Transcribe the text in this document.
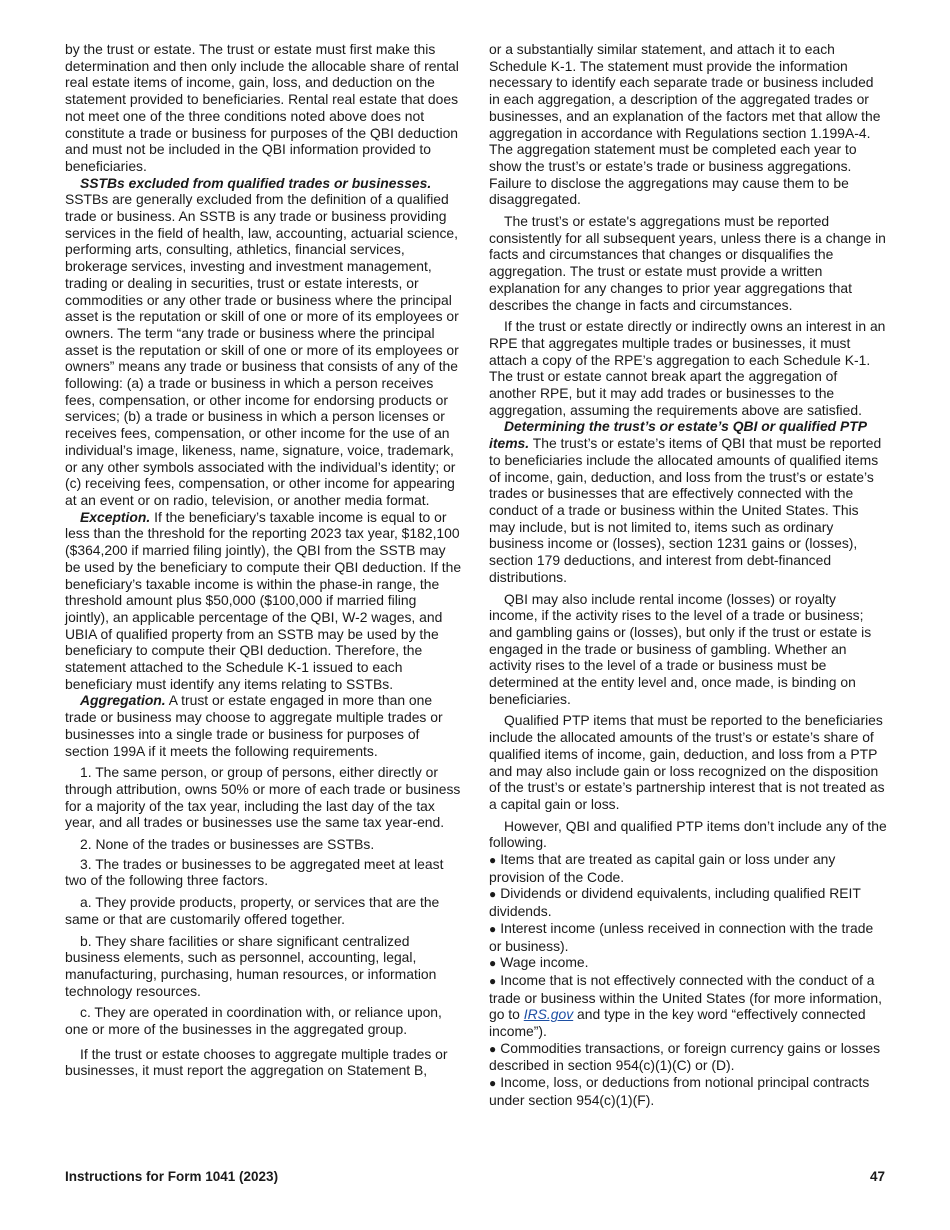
by the trust or estate. The trust or estate must first make this determination and then only include the allocable share of rental real estate items of income, gain, loss, and deduction on the statement provided to beneficiaries. Rental real estate that does not meet one of the three conditions noted above does not constitute a trade or business for purposes of the QBI deduction and must not be included in the QBI information provided to beneficiaries.

SSTBs excluded from qualified trades or businesses. SSTBs are generally excluded from the definition of a qualified trade or business. An SSTB is any trade or business providing services in the field of health, law, accounting, actuarial science, performing arts, consulting, athletics, financial services, brokerage services, investing and investment management, trading or dealing in securities, trust or estate interests, or commodities or any other trade or business where the principal asset is the reputation or skill of one or more of its employees or owners. The term “any trade or business where the principal asset is the reputation or skill of one or more of its employees or owners” means any trade or business that consists of any of the following: (a) a trade or business in which a person receives fees, compensation, or other income for endorsing products or services; (b) a trade or business in which a person licenses or receives fees, compensation, or other income for the use of an individual’s image, likeness, name, signature, voice, trademark, or any other symbols associated with the individual’s identity; or (c) receiving fees, compensation, or other income for appearing at an event or on radio, television, or another media format.

Exception. If the beneficiary’s taxable income is equal to or less than the threshold for the reporting 2023 tax year, $182,100 ($364,200 if married filing jointly), the QBI from the SSTB may be used by the beneficiary to compute their QBI deduction. If the beneficiary’s taxable income is within the phase-in range, the threshold amount plus $50,000 ($100,000 if married filing jointly), an applicable percentage of the QBI, W-2 wages, and UBIA of qualified property from an SSTB may be used by the beneficiary to compute their QBI deduction. Therefore, the statement attached to the Schedule K-1 issued to each beneficiary must identify any items relating to SSTBs.

Aggregation. A trust or estate engaged in more than one trade or business may choose to aggregate multiple trades or businesses into a single trade or business for purposes of section 199A if it meets the following requirements.

1. The same person, or group of persons, either directly or through attribution, owns 50% or more of each trade or business for a majority of the tax year, including the last day of the tax year, and all trades or businesses use the same tax year-end.

2. None of the trades or businesses are SSTBs.

3. The trades or businesses to be aggregated meet at least two of the following three factors.

a. They provide products, property, or services that are the same or that are customarily offered together.

b. They share facilities or share significant centralized business elements, such as personnel, accounting, legal, manufacturing, purchasing, human resources, or information technology resources.

c. They are operated in coordination with, or reliance upon, one or more of the businesses in the aggregated group.

If the trust or estate chooses to aggregate multiple trades or businesses, it must report the aggregation on Statement B,

or a substantially similar statement, and attach it to each Schedule K-1. The statement must provide the information necessary to identify each separate trade or business included in each aggregation, a description of the aggregated trades or businesses, and an explanation of the factors met that allow the aggregation in accordance with Regulations section 1.199A-4. The aggregation statement must be completed each year to show the trust’s or estate’s trade or business aggregations. Failure to disclose the aggregations may cause them to be disaggregated.

The trust’s or estate's aggregations must be reported consistently for all subsequent years, unless there is a change in facts and circumstances that changes or disqualifies the aggregation. The trust or estate must provide a written explanation for any changes to prior year aggregations that describes the change in facts and circumstances.

If the trust or estate directly or indirectly owns an interest in an RPE that aggregates multiple trades or businesses, it must attach a copy of the RPE’s aggregation to each Schedule K-1. The trust or estate cannot break apart the aggregation of another RPE, but it may add trades or businesses to the aggregation, assuming the requirements above are satisfied.

Determining the trust’s or estate’s QBI or qualified PTP items. The trust’s or estate’s items of QBI that must be reported to beneficiaries include the allocated amounts of qualified items of income, gain, deduction, and loss from the trust’s or estate’s trades or businesses that are effectively connected with the conduct of a trade or business within the United States. This may include, but is not limited to, items such as ordinary business income or (losses), section 1231 gains or (losses), section 179 deductions, and interest from debt-financed distributions.

QBI may also include rental income (losses) or royalty income, if the activity rises to the level of a trade or business; and gambling gains or (losses), but only if the trust or estate is engaged in the trade or business of gambling. Whether an activity rises to the level of a trade or business must be determined at the entity level and, once made, is binding on beneficiaries.

Qualified PTP items that must be reported to the beneficiaries include the allocated amounts of the trust’s or estate’s share of qualified items of income, gain, deduction, and loss from a PTP and may also include gain or loss recognized on the disposition of the trust’s or estate’s partnership interest that is not treated as a capital gain or loss.

However, QBI and qualified PTP items don’t include any of the following.

● Items that are treated as capital gain or loss under any provision of the Code.
● Dividends or dividend equivalents, including qualified REIT dividends.
● Interest income (unless received in connection with the trade or business).
● Wage income.
● Income that is not effectively connected with the conduct of a trade or business within the United States (for more information, go to IRS.gov and type in the key word “effectively connected income”).
● Commodities transactions, or foreign currency gains or losses described in section 954(c)(1)(C) or (D).
● Income, loss, or deductions from notional principal contracts under section 954(c)(1)(F).
Instructions for Form 1041 (2023)	47
